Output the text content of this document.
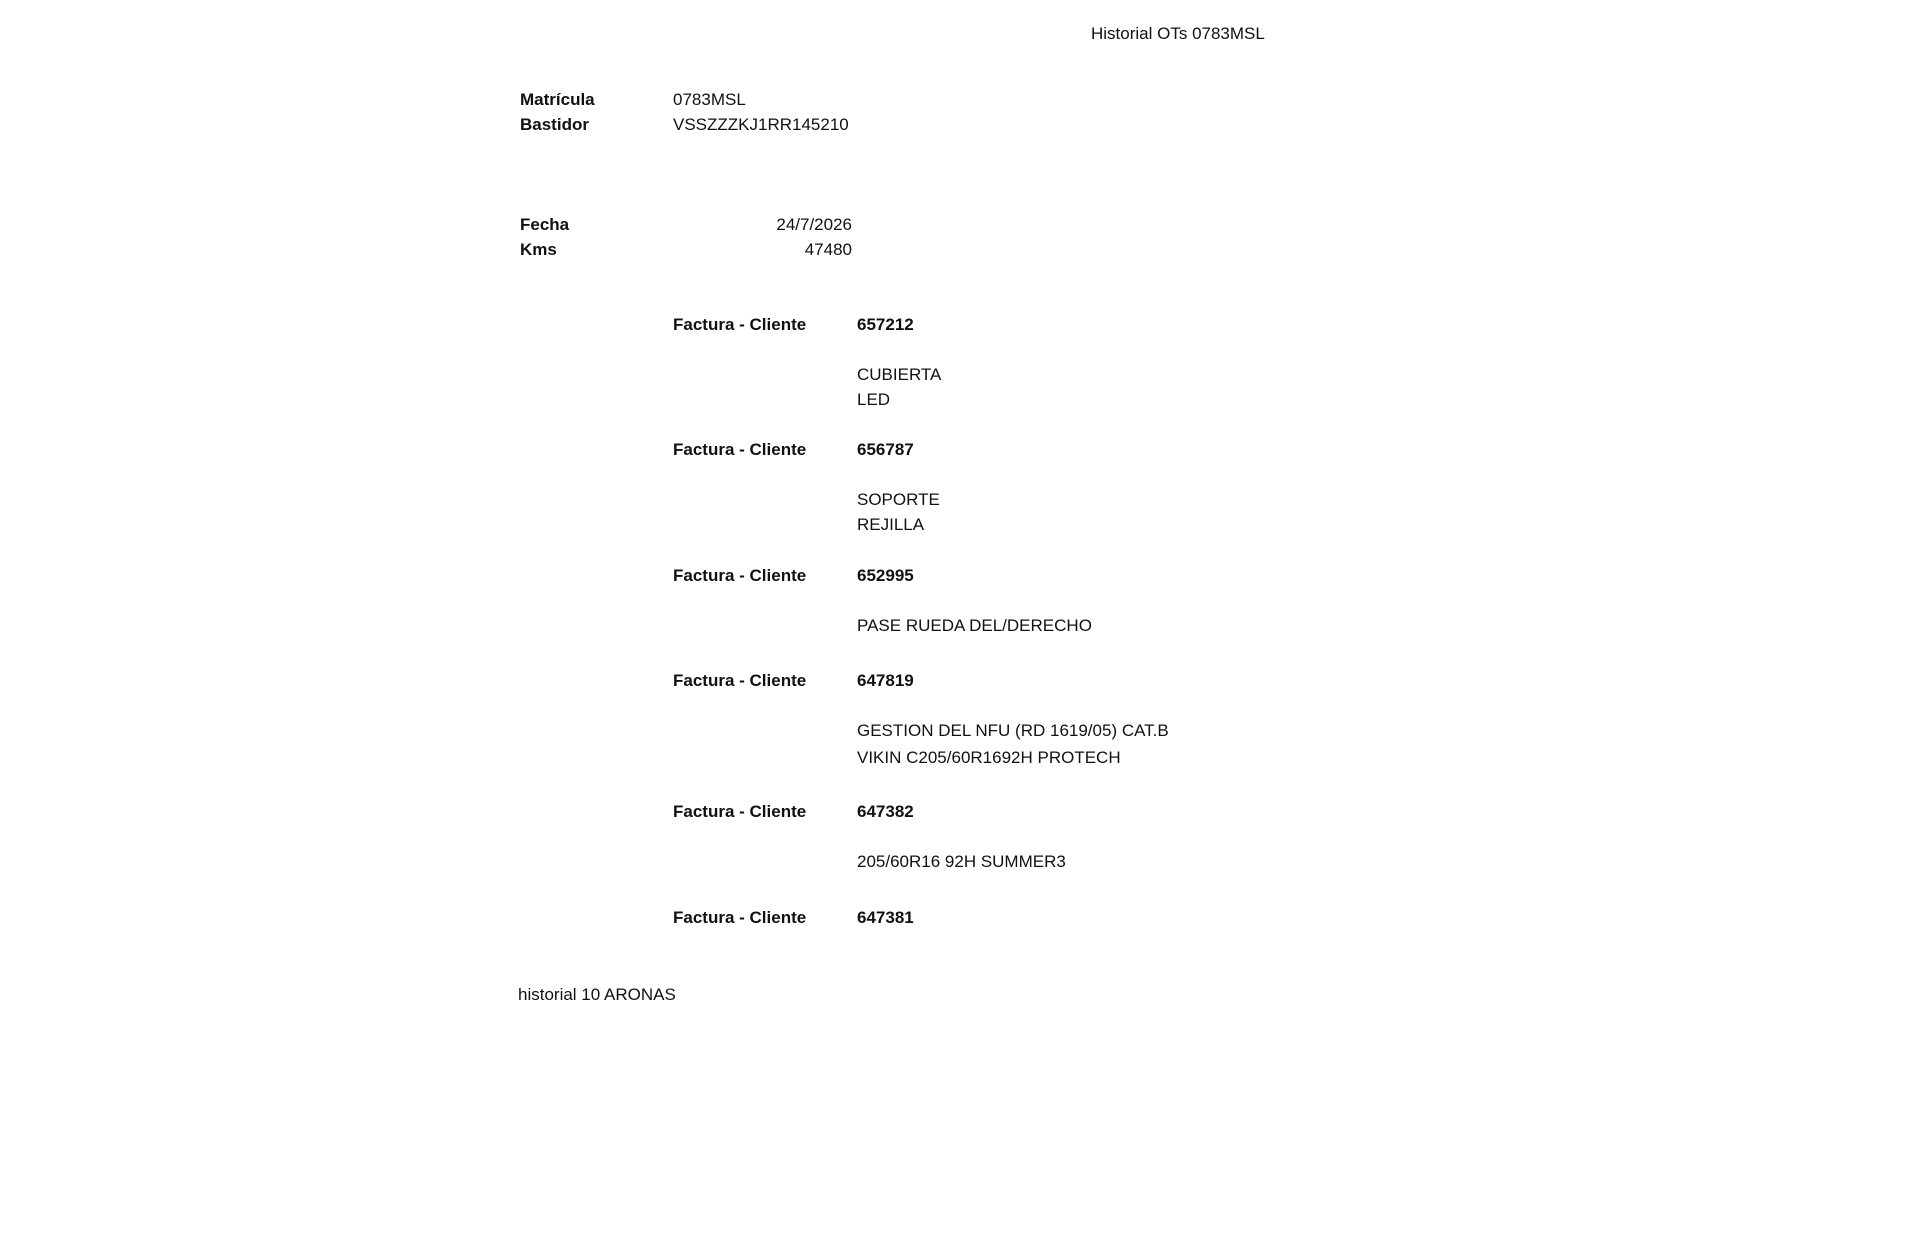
Historial OTs 0783MSL
Matrícula	0783MSL
Bastidor	VSSZZZKJ1RR145210
Fecha	24/7/2026
Kms	47480
Factura - Cliente	657212
CUBIERTA
LED
Factura - Cliente	656787
SOPORTE
REJILLA
Factura - Cliente	652995
PASE RUEDA DEL/DERECHO
Factura - Cliente	647819
GESTION DEL NFU (RD 1619/05) CAT.B
VIKIN C205/60R1692H PROTECH
Factura - Cliente	647382
205/60R16 92H SUMMER3
Factura - Cliente	647381
historial 10 ARONAS
